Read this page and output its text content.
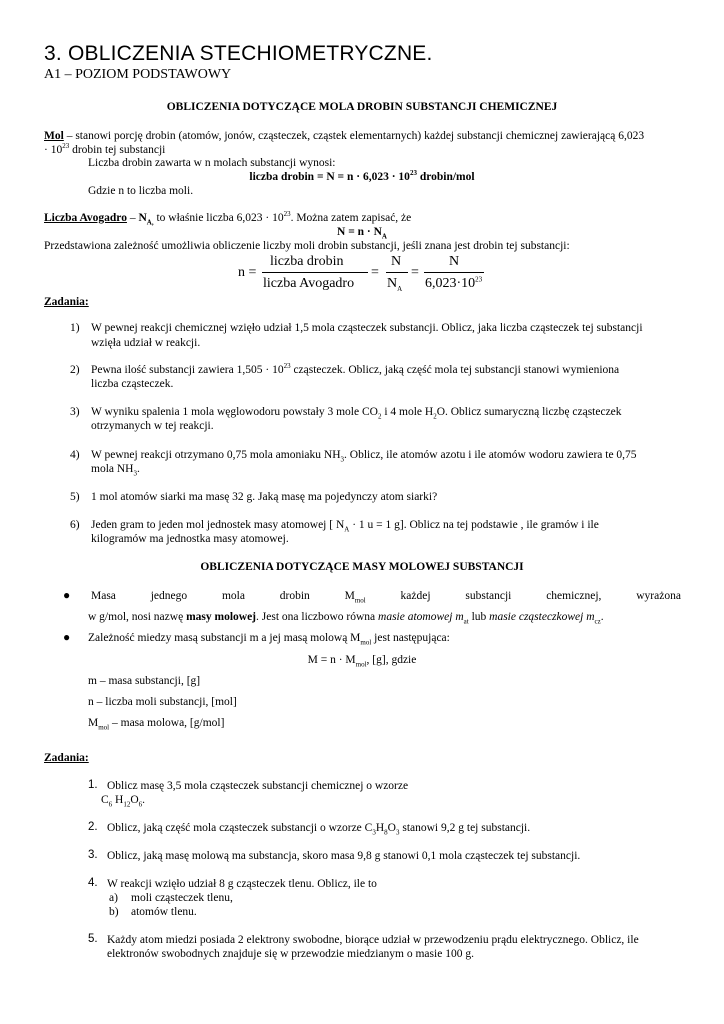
3. OBLICZENIA STECHIOMETRYCZNE.
A1 – POZIOM PODSTAWOWY
OBLICZENIA DOTYCZĄCE MOLA DROBIN SUBSTANCJI CHEMICZNEJ
Mol – stanowi porcję drobin (atomów, jonów, cząsteczek, cząstek elementarnych) każdej substancji chemicznej zawierającą 6,023
· $10^{23}$ drobin tej substancji
Liczba drobin zawarta w n molach substancji wynosi:
liczba drobin = $N = n \cdot 6,023 \cdot 10^{23}$ drobin/mol
Gdzie n to liczba moli.
Liczba Avogadro – $N_{A,}$ to właśnie liczba $6,023 \cdot 10^{23}$. Można zatem zapisać, że
$N = n \cdot N_A$
Przedstawiona zależność umożliwia obliczenie liczby moli drobin substancji, jeśli znana jest drobin tej substancji:
n =
liczba drobin
liczba Avogadro
=
N
$N_A$
=
N
$6,023\cdot 10^{23}$
Zadania:
1) W pewnej reakcji chemicznej wzięło udział 1,5 mola cząsteczek substancji. Oblicz, jaka liczba cząsteczek tej substancji
wzięła udział w reakcji.
2) Pewna ilość substancji zawiera $1,505 \cdot 10^{23}$ cząsteczek. Oblicz, jaką część mola tej substancji stanowi wymieniona
liczba cząsteczek.
3) W wyniku spalenia 1 mola węglowodoru powstały 3 mole $CO_2$ i 4 mole $H_2O$. Oblicz sumaryczną liczbę cząsteczek
otrzymanych w tej reakcji.
4) W pewnej reakcji otrzymano 0,75 mola amoniaku $NH_3$. Oblicz, ile atomów azotu i ile atomów wodoru zawiera te 0,75
mola $NH_3$.
5) 1 mol atomów siarki ma masę 32 g. Jaką masę ma pojedynczy atom siarki?
6) Jeden gram to jeden mol jednostek masy atomowej [ $N_A \cdot 1$ u = 1 g]. Oblicz na tej podstawie , ile gramów i ile
kilogramów ma jednostka masy atomowej.
OBLICZENIA DOTYCZĄCE MASY MOLOWEJ SUBSTANCJI
● Masa	jednego	mola	drobin	$M_{mol}$	każdej	substancji	chemicznej,	wyrażona
w g/mol, nosi nazwę masy molowej. Jest ona liczbowo równa masie atomowej $m_{at}$ lub masie cząsteczkowej $m_{cz}$.
● Zależność miedzy masą substancji m a jej masą molową $M_{mol}$ jest następująca:
$M = n \cdot M_{mol}$, [g], gdzie
m – masa substancji, [g]
n – liczba moli substancji, [mol]
$M_{mol}$ – masa molowa, [g/mol]
Zadania:
1. Oblicz masę 3,5 mola cząsteczek substancji chemicznej o wzorze
$C_6$ $H_{12}O_6$.
2. Oblicz, jaką część mola cząsteczek substancji o wzorze $C_3H_8O_3$ stanowi 9,2 g tej substancji.
3. Oblicz, jaką masę molową ma substancja, skoro masa 9,8 g stanowi 0,1 mola cząsteczek tej substancji.
4. W reakcji wzięło udział 8 g cząsteczek tlenu. Oblicz, ile to
a) moli cząsteczek tlenu,
b) atomów tlenu.
5. Każdy atom miedzi posiada 2 elektrony swobodne, biorące udział w przewodzeniu prądu elektrycznego. Oblicz, ile
elektronów swobodnych znajduje się w przewodzie miedzianym o masie 100 g.
